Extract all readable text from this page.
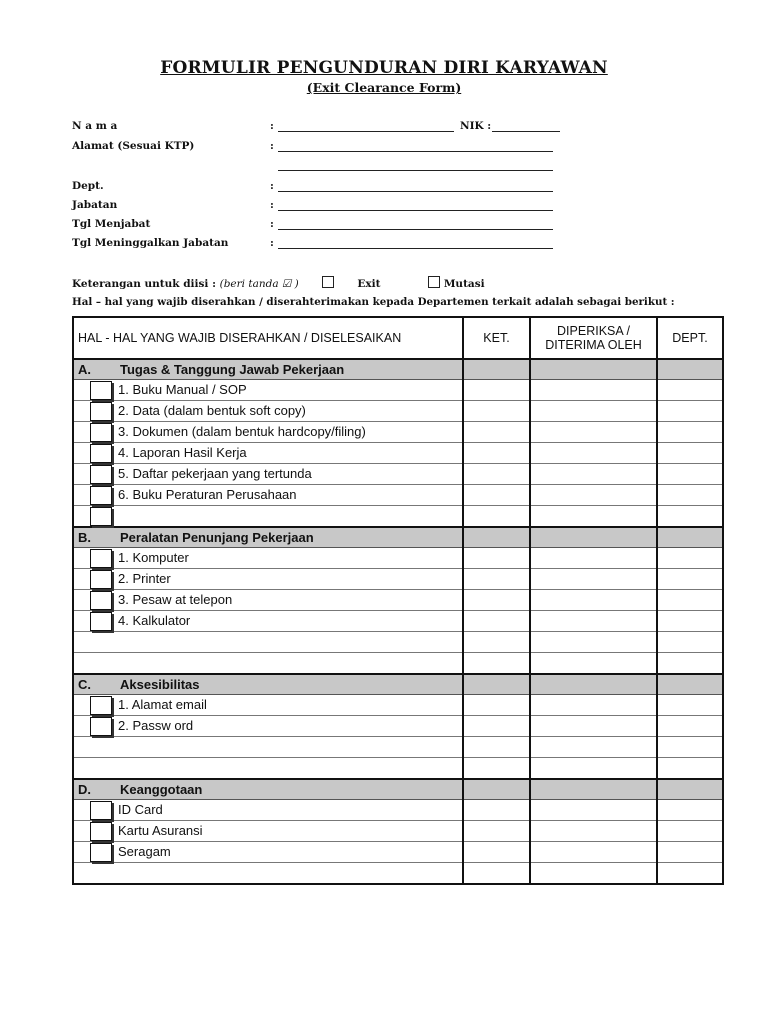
FORMULIR PENGUNDURAN DIRI KARYAWAN
(Exit Clearance Form)
N a m a	:	NIK :
Alamat (Sesuai KTP)	:
Dept.	:
Jabatan	:
Tgl Menjabat	:
Tgl Meninggalkan Jabatan	:
Keterangan untuk diisi : (beri tanda ☑ )	Exit	Mutasi
Hal – hal yang wajib diserahkan / diserahterimakan kepada Departemen terkait adalah sebagai berikut :
HAL - HAL YANG WAJIB DISERAHKAN / DISELESAIKAN	KET.	DIPERIKSA / DITERIMA OLEH	DEPT.
A. Tugas & Tanggung Jawab Pekerjaan			

1. Buku Manual / SOP			

2. Data (dalam bentuk soft copy)			

3. Dokumen (dalam bentuk hardcopy/filing)			

4. Laporan Hasil Kerja			

5. Daftar pekerjaan yang tertunda			

6. Buku Peraturan Perusahaan			

B. Peralatan Penunjang Pekerjaan			

1. Komputer			

2. Printer			

3. Pesaw at telepon			

4. Kalkulator			

C. Aksesibilitas			

1. Alamat email			

2. Passw ord			

D. Keanggotaan			

ID Card			

Kartu Asuransi			

Seragam			
